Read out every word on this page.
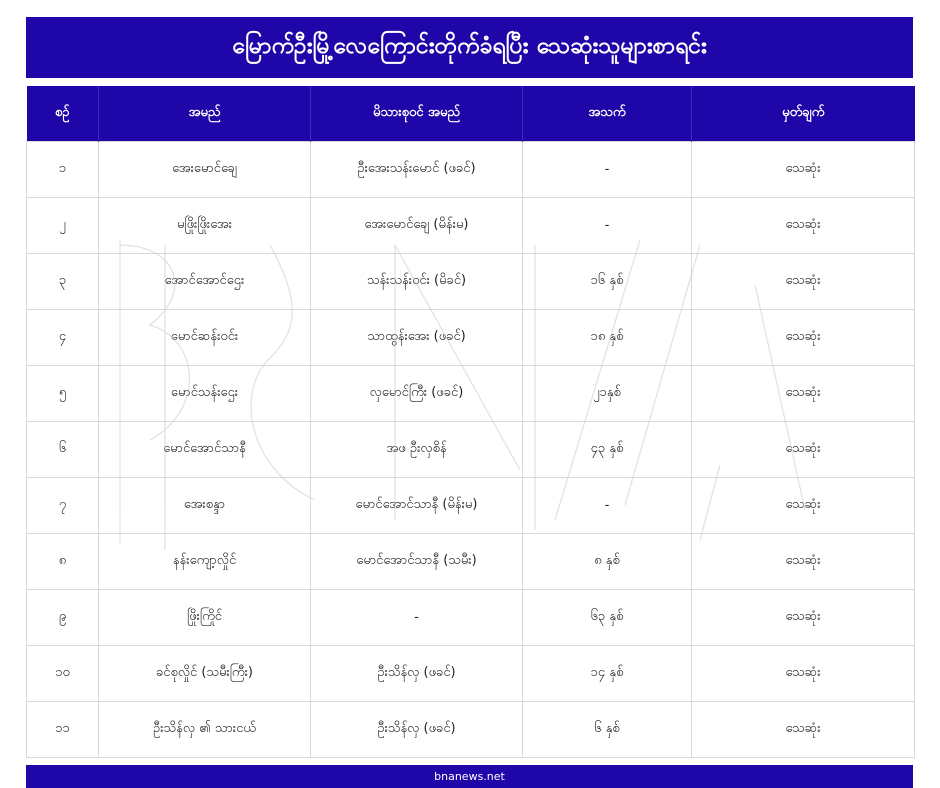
မြောက်ဦးမြို့လေကြောင်းတိုက်ခံရပြီး သေဆုံးသူများစာရင်း
စဥ်	အမည်	မိသားစုဝင် အမည်	အသက်	မှတ်ချက်
၁	အေးမောင်ချေ	ဦးအေးသန်းမောင် (ဖခင်)	-	သေဆုံး
၂	မဖြိုးဖြိုးအေး	အေးမောင်ချေ (မိန်းမ)	-	သေဆုံး
၃	အောင်အောင်ဌေး	သန်းသန်းဝင်း (မိခင်)	၁၆ နှစ်	သေဆုံး
၄	မောင်ဆန်းဝင်း	သာထွန်းအေး (ဖခင်)	၁၈ နှစ်	သေဆုံး
၅	မောင်သန်းဌေး	လှမောင်ကြီး (ဖခင်)	၂၁နှစ်	သေဆုံး
၆	မောင်အောင်သာနီ	အဖ ဦးလှစိန်	၄၃ နှစ်	သေဆုံး
၇	အေးစန္ဒာ	မောင်အောင်သာနီ (မိန်းမ)	-	သေဆုံး
၈	နန်းကျော့လှိုင်	မောင်အောင်သာနီ (သမီး)	၈ နှစ်	သေဆုံး
၉	ဖြိုးကြိုင်	-	၆၃ နှစ်	သေဆုံး
၁၀	ခင်စုလှိုင် (သမီးကြီး)	ဦးသိန်လှ (ဖခင်)	၁၄ နှစ်	သေဆုံး
၁၁	ဦးသိန်လှ ၏ သားငယ်	ဦးသိန်လှ (ဖခင်)	၆ နှစ်	သေဆုံး
bnanews.net
